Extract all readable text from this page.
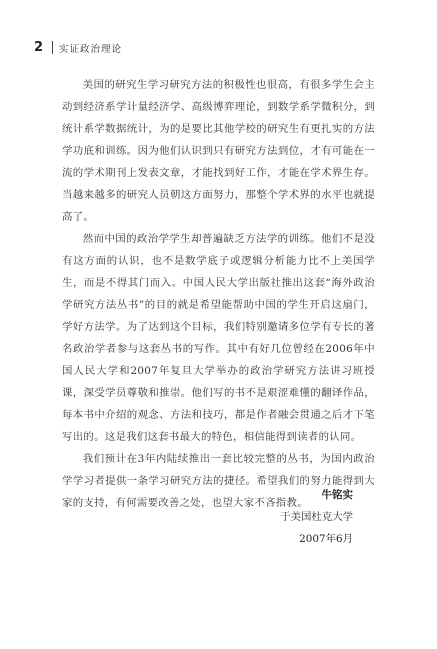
2 实证政治理论

美国的研究生学习研究方法的积极性也很高，有很多学生会主动到经济系学计量经济学、高级博弈理论，到数学系学微积分，到统计系学数据统计，为的是要比其他学校的研究生有更扎实的方法学功底和训练。因为他们认识到只有研究方法到位，才有可能在一流的学术期刊上发表文章，才能找到好工作，才能在学术界生存。当越来越多的研究人员朝这方面努力，那整个学术界的水平也就提高了。

然而中国的政治学学生却普遍缺乏方法学的训练。他们不是没有这方面的认识，也不是数学底子或逻辑分析能力比不上美国学生，而是不得其门而入。中国人民大学出版社推出这套“海外政治学研究方法丛书”的目的就是希望能帮助中国的学生开启这扇门，学好方法学。为了达到这个目标，我们特别邀请多位学有专长的著名政治学者参与这套丛书的写作。其中有好几位曾经在2006年中国人民大学和2007年复旦大学举办的政治学研究方法讲习班授课，深受学员尊敬和推崇。他们写的书不是艰涩难懂的翻译作品，每本书中介绍的观念、方法和技巧，都是作者融会贯通之后才下笔写出的。这是我们这套书最大的特色，相信能得到读者的认同。

我们预计在3年内陆续推出一套比较完整的丛书，为国内政治学学习者提供一条学习研究方法的捷径。希望我们的努力能得到大家的支持，有何需要改善之处，也望大家不吝指教。

牛铭实
于美国杜克大学
2007年6月
